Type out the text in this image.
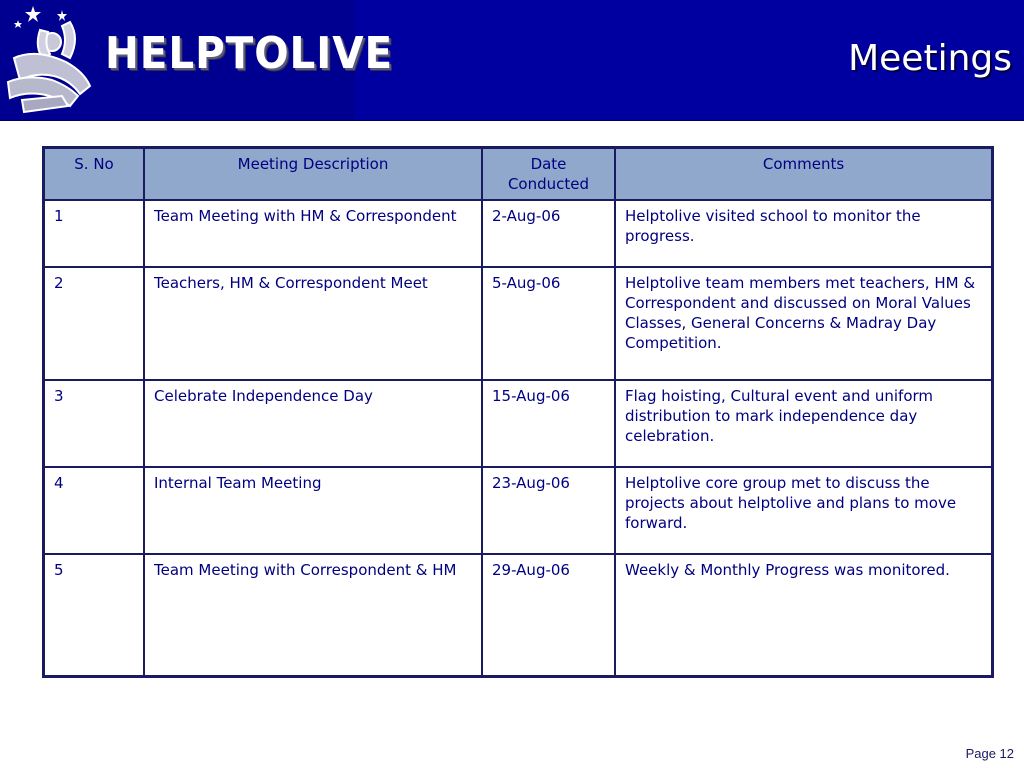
HELPTOLIVE	Meetings
S. No	Meeting Description	Date Conducted	Comments
1	Team Meeting with HM & Correspondent	2-Aug-06	Helptolive visited school to monitor the progress.
2	Teachers, HM & Correspondent Meet	5-Aug-06	Helptolive team members met teachers, HM & Correspondent and discussed on Moral Values Classes, General Concerns & Madray Day Competition.
3	Celebrate Independence Day	15-Aug-06	Flag hoisting, Cultural event and uniform distribution to mark independence day celebration.
4	Internal Team Meeting	23-Aug-06	Helptolive core group met to discuss the projects about helptolive and plans to move forward.
5	Team Meeting with Correspondent & HM	29-Aug-06	Weekly & Monthly Progress was monitored.
Page 12
